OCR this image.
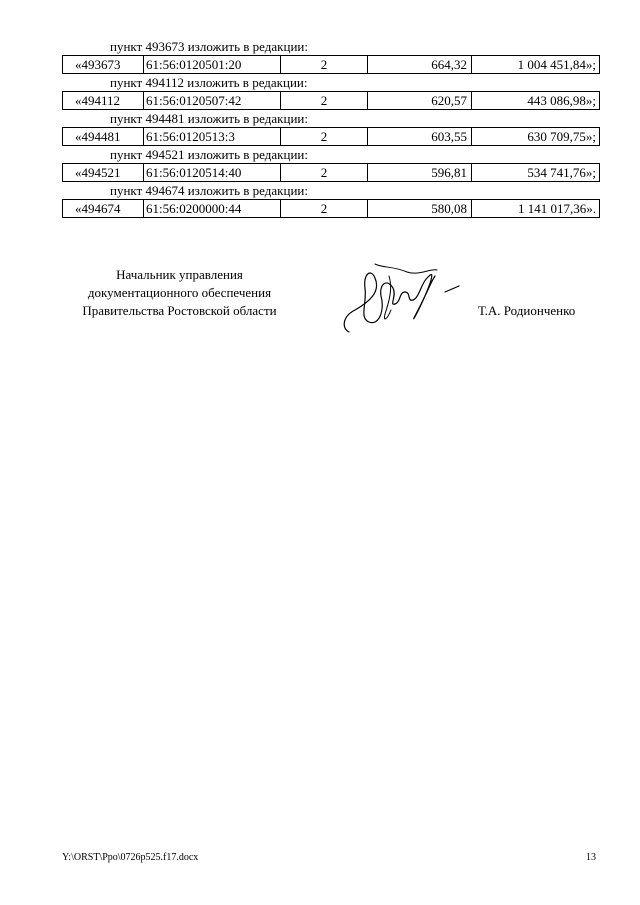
пункт 493673 изложить в редакции:
«493673	61:56:0120501:20	2	664,32	1 004 451,84»;
пункт 494112 изложить в редакции:
«494112	61:56:0120507:42	2	620,57	443 086,98»;
пункт 494481 изложить в редакции:
«494481	61:56:0120513:3	2	603,55	630 709,75»;
пункт 494521 изложить в редакции:
«494521	61:56:0120514:40	2	596,81	534 741,76»;
пункт 494674 изложить в редакции:
«494674	61:56:0200000:44	2	580,08	1 141 017,36».
Начальник управления
документационного обеспечения
Правительства Ростовской области	Т.А. Родионченко
Y:\ORST\Ppo\0726p525.f17.docx	13
